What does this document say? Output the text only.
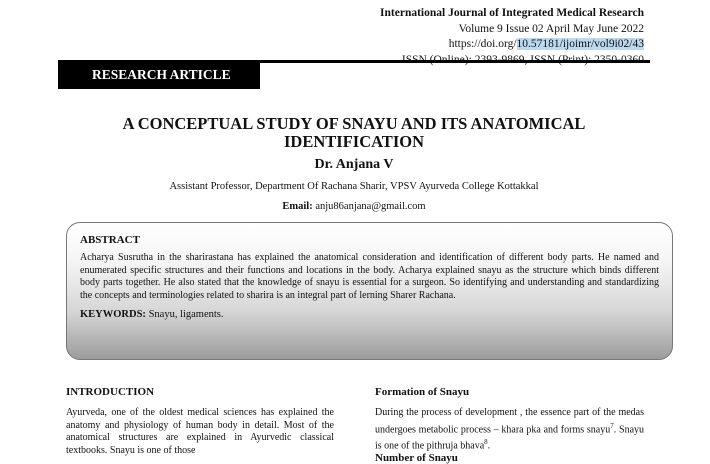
International Journal of Integrated Medical Research
Volume 9 Issue 02 April May June 2022
https://doi.org/10.57181/ijoimr/vol9i02/43
RESEARCH ARTICLE
A CONCEPTUAL STUDY OF SNAYU AND ITS ANATOMICAL
IDENTIFICATION
Dr. Anjana V
Assistant Professor, Department Of Rachana Sharir, VPSV Ayurveda College Kottakkal
Email: anju86anjana@gmail.com
ABSTRACT
Acharya Susrutha in the sharirastana has explained the anatomical consideration and identification of different body parts. He named and enumerated specific structures and their functions and locations in the body. Acharya explained snayu as the structure which binds different body parts together. He also stated that the knowledge of snayu is essential for a surgeon. So identifying and understanding and standardizing the concepts and terminologies related to sharira is an integral part of lerning Sharer Rachana.
KEYWORDS: Snayu, ligaments.
INTRODUCTION
Ayurveda, one of the oldest medical sciences has explained the anatomy and physiology of human body in detail. Most of the anatomical structures are explained in Ayurvedic classical textbooks. Snayu is one of those
Formation of Snayu
During the process of development , the essence part of the medas undergoes metabolic process – khara pka and forms snayu$^7$. Snayu is one of the pithruja bhava$^8$.
Number of Snayu
